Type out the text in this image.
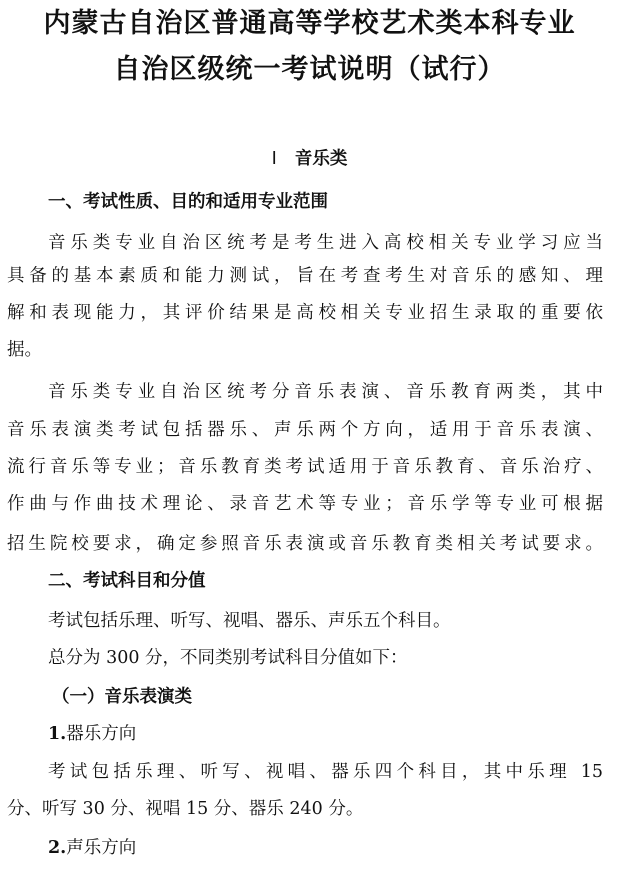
内蒙古自治区普通高等学校艺术类本科专业
自治区级统一考试说明（试行）
Ⅰ 音乐类
一、考试性质、目的和适用专业范围
音乐类专业自治区统考是考生进入高校相关专业学习应当
具备的基本素质和能力测试，旨在考查考生对音乐的感知、理
解和表现能力，其评价结果是高校相关专业招生录取的重要依
据。
音乐类专业自治区统考分音乐表演、音乐教育两类，其中
音乐表演类考试包括器乐、声乐两个方向，适用于音乐表演、
流行音乐等专业；音乐教育类考试适用于音乐教育、音乐治疗、
作曲与作曲技术理论、录音艺术等专业；音乐学等专业可根据
招生院校要求，确定参照音乐表演或音乐教育类相关考试要求。
二、考试科目和分值
考试包括乐理、听写、视唱、器乐、声乐五个科目。
总分为 300 分，不同类别考试科目分值如下：
（一）音乐表演类
1.器乐方向
考试包括乐理、听写、视唱、器乐四个科目，其中乐理 15
分、听写 30 分、视唱 15 分、器乐 240 分。
2.声乐方向
